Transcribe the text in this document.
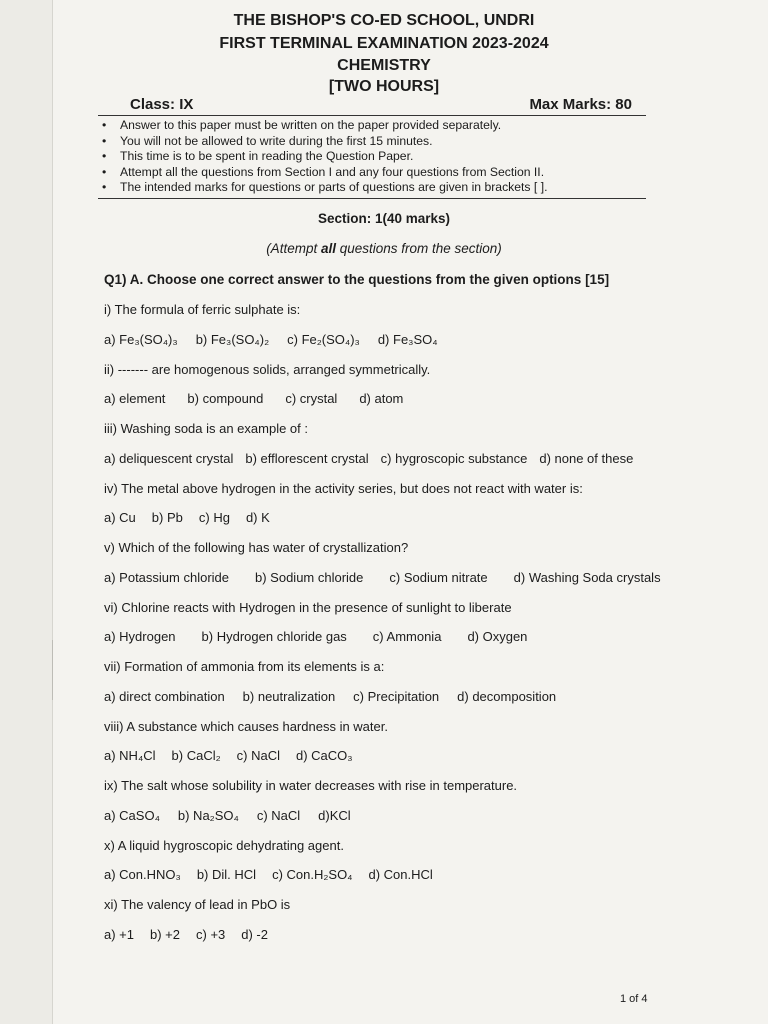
THE BISHOP'S CO-ED SCHOOL, UNDRI
FIRST TERMINAL EXAMINATION 2023-2024
CHEMISTRY
[TWO HOURS]
Class: IX	Max Marks: 80
• Answer to this paper must be written on the paper provided separately.
• You will not be allowed to write during the first 15 minutes.
• This time is to be spent in reading the Question Paper.
• Attempt all the questions from Section I and any four questions from Section II.
• The intended marks for questions or parts of questions are given in brackets [ ].
Section: 1(40 marks)
(Attempt all questions from the section)
Q1) A. Choose one correct answer to the questions from the given options [15]
i) The formula of ferric sulphate is:
a) Fe₃(SO₄)₃ b) Fe₃(SO₄)₂ c) Fe₂(SO₄)₃ d) Fe₃SO₄
ii) ------- are homogenous solids, arranged symmetrically.
a) element b) compound c) crystal d) atom
iii) Washing soda is an example of :
a) deliquescent crystal b) efflorescent crystal c) hygroscopic substance d) none of these
iv) The metal above hydrogen in the activity series, but does not react with water is:
a) Cu b) Pb c) Hg d) K
v) Which of the following has water of crystallization?
a) Potassium chloride b) Sodium chloride c) Sodium nitrate d) Washing Soda crystals
vi) Chlorine reacts with Hydrogen in the presence of sunlight to liberate
a) Hydrogen b) Hydrogen chloride gas c) Ammonia d) Oxygen
vii) Formation of ammonia from its elements is a:
a) direct combination b) neutralization c) Precipitation d) decomposition
viii) A substance which causes hardness in water.
a) NH₄Cl b) CaCl₂ c) NaCl d) CaCO₃
ix) The salt whose solubility in water decreases with rise in temperature.
a) CaSO₄ b) Na₂SO₄ c) NaCl d)KCl
x) A liquid hygroscopic dehydrating agent.
a) Con.HNO₃ b) Dil. HCl c) Con.H₂SO₄ d) Con.HCl
xi) The valency of lead in PbO is
a) +1 b) +2 c) +3 d) -2
1 of 4
